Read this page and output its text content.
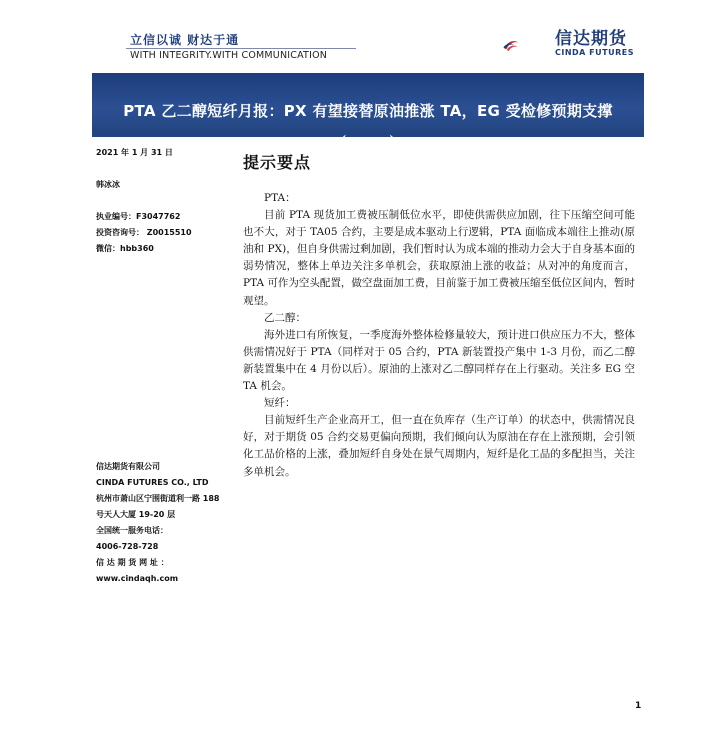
立信以诚 财达于通
WITH INTEGRITY.WITH COMMUNICATION
信达期货
CINDA FUTURES
PTA 乙二醇短纤月报：PX 有望接替原油推涨 TA，EG 受检修预期支撑（2102）
2021 年 1 月 31 日
韩冰冰
执业编号：F3047762
投资咨询号： Z0015510
微信：hbb360
信达期货有限公司
CINDA FUTURES CO., LTD
杭州市萧山区宁围街道利一路 188 号天人大厦 19-20 层
全国统一服务电话：
4006-728-728
信 达 期 货 网 址 ：
www.cindaqh.com
提示要点

PTA：

目前 PTA 现货加工费被压制低位水平，即使供需供应加剧，往下压缩空间可能也不大，对于 TA05 合约，主要是成本驱动上行逻辑，PTA 面临成本端往上推动(原油和 PX)，但自身供需过剩加剧，我们暂时认为成本端的推动力会大于自身基本面的弱势情况，整体上单边关注多单机会，获取原油上涨的收益；从对冲的角度而言，PTA 可作为空头配置，做空盘面加工费，目前鉴于加工费被压缩至低位区间内，暂时观望。

乙二醇：

海外进口有所恢复，一季度海外整体检修量较大，预计进口供应压力不大，整体供需情况好于 PTA（同样对于 05 合约，PTA 新装置投产集中 1-3 月份，而乙二醇新装置集中在 4 月份以后）。原油的上涨对乙二醇同样存在上行驱动。关注多 EG 空 TA 机会。

短纤：

目前短纤生产企业高开工，但一直在负库存（生产订单）的状态中，供需情况良好，对于期货 05 合约交易更偏向预期，我们倾向认为原油在存在上涨预期，会引领化工品价格的上涨，叠加短纤自身处在景气周期内，短纤是化工品的多配担当，关注多单机会。

1
